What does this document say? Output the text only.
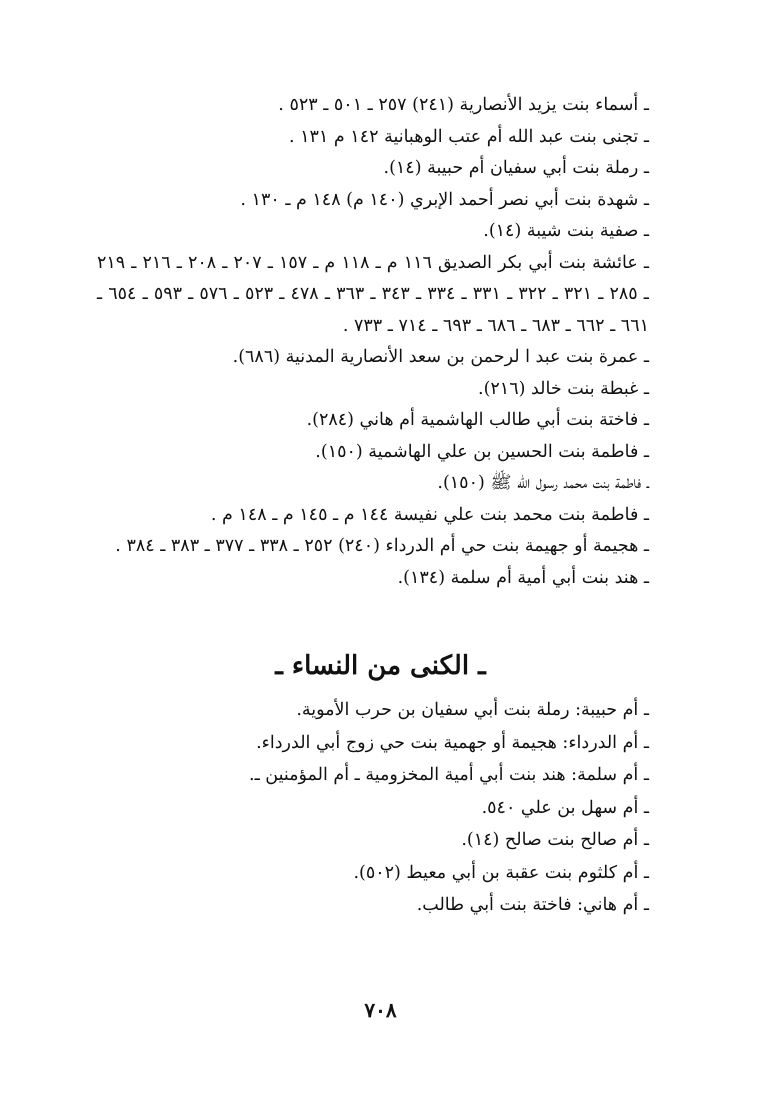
ـ أسماء بنت يزيد الأنصارية (٢٤١) ٢٥٧ ـ ٥٠١ ـ ٥٢٣ .

ـ تجنى بنت عبد الله أم عتب الوهبانية ١٤٢ م ١٣١ .

ـ رملة بنت أبي سفيان أم حبيبة (١٤).

ـ شهدة بنت أبي نصر أحمد الإبري (١٤٠ م) ١٤٨ م ـ ١٣٠ .

ـ صفية بنت شيبة (١٤).

ـ عائشة بنت أبي بكر الصديق ١١٦ م ـ ١١٨ م ـ ١٥٧ ـ ٢٠٧ ـ ٢٠٨ ـ ٢١٦ ـ ٢١٩ ـ ٢٨٥ ـ ٣٢١ ـ ٣٢٢ ـ ٣٣١ ـ ٣٣٤ ـ ٣٤٣ ـ ٣٦٣ ـ ٤٧٨ ـ ٥٢٣ ـ ٥٧٦ ـ ٥٩٣ ـ ٦٥٤ ـ ٦٦١ ـ ٦٦٢ ـ ٦٨٣ ـ ٦٨٦ ـ ٦٩٣ ـ ٧١٤ ـ ٧٣٣ .

ـ عمرة بنت عبد ا لرحمن بن سعد الأنصارية المدنية (٦٨٦).

ـ غبطة بنت خالد (٢١٦).

ـ فاختة بنت أبي طالب الهاشمية أم هاني (٢٨٤).

ـ فاطمة بنت الحسين بن علي الهاشمية (١٥٠).

ـ فاطمة بنت محمد رسول الله ﷺ (١٥٠).

ـ فاطمة بنت محمد بنت علي نفيسة ١٤٤ م ـ ١٤٥ م ـ ١٤٨ م .

ـ هجيمة أو جهيمة بنت حي أم الدرداء (٢٤٠) ٢٥٢ ـ ٣٣٨ ـ ٣٧٧ ـ ٣٨٣ ـ ٣٨٤ .

ـ هند بنت أبي أمية أم سلمة (١٣٤).

ـ الكنى من النساء ـ

ـ أم حبيبة: رملة بنت أبي سفيان بن حرب الأموية.

ـ أم الدرداء: هجيمة أو جهمية بنت حي زوج أبي الدرداء.

ـ أم سلمة: هند بنت أبي أمية المخزومية ـ أم المؤمنين ـ.

ـ أم سهل بن علي ٥٤٠.

ـ أم صالح بنت صالح (١٤).

ـ أم كلثوم بنت عقبة بن أبي معيط (٥٠٢).

ـ أم هاني: فاختة بنت أبي طالب.

٧٠٨
